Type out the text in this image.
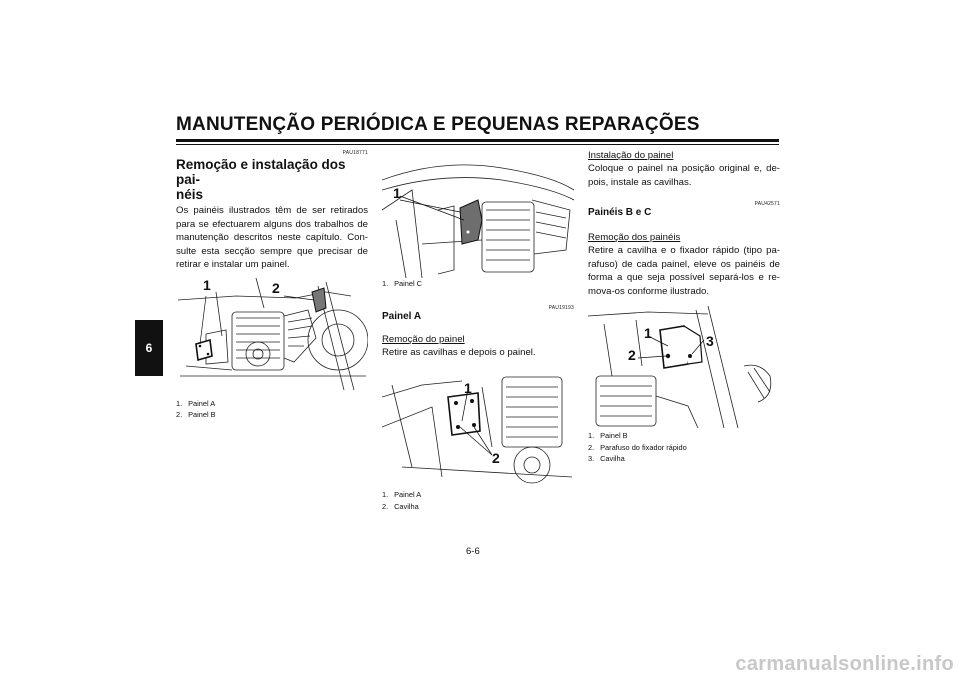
MANUTENÇÃO PERIÓDICA E PEQUENAS REPARAÇÕES
6

PAU18771

Remoção e instalação dos pai-
néis

Os painéis ilustrados têm de ser retirados para se efectuarem alguns dos trabalhos de manutenção descritos neste capítulo. Con-sulte esta secção sempre que precisar de retirar e instalar um painel.

1	2

1. Painel A

2. Painel B

1

1. Painel C

PAU19193

Painel A

Remoção do painel

Retire as cavilhas e depois o painel.

1
2

1. Painel A

2. Cavilha

Instalação do painel

Coloque o painel na posição original e, de-pois, instale as cavilhas.

PAU42571

Painéis B e C

Remoção dos painéis

Retire a cavilha e o fixador rápido (tipo pa-rafuso) de cada painel, eleve os painéis de forma a que seja possível separá-los e re-mova-os conforme ilustrado.

1
2
3

1. Painel B

2. Parafuso do fixador rápido

3. Cavilha

6-6
carmanualsonline.info
